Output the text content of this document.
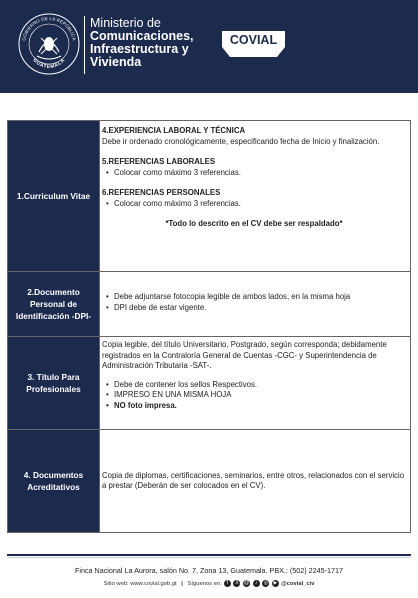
GOBIERNO DE LA REPÚBLICA
GUATEMALA
Ministerio de
Comunicaciones,
Infraestructura y
Vivienda
COVIAL
1.Curriculum Vitae
4.EXPERIENCIA LABORAL Y TÉCNICA
Debe ir ordenado cronológicamente, especificando fecha de Inicio y finalización.
5.REFERENCIAS LABORALES
• Colocar como máximo 3 referencias.
6.REFERENCIAS PERSONALES
• Colocar como máximo 3 referencias.
*Todo lo descrito en el CV debe ser respaldado*
2.Documento Personal de Identificación -DPI-
• Debe adjuntarse fotocopia legible de ambos lados, en la misma hoja
• DPI debe de estar vigente.
3. Título Para Profesionales
Copia legible, del título Universitario, Postgrado, según corresponda; debidamente registrados en la Contraloría General de Cuentas -CGC- y Superintendencia de Administración Tributaria -SAT-.
• Debe de contener los sellos Respectivos.
• IMPRESO EN UNA MISMA HOJA
• NO foto impresa.
4. Documentos Acreditativos
Copia de diplomas, certificaciones, seminarios, entre otros, relacionados con el servicio a prestar (Deberán de ser colocados en el CV).
Finca Nacional La Aurora, salón No. 7, Zona 13, Guatemala. PBX.: (502) 2245-1717
Sitio web: www.covial.gob.gt | Síguenos en: f X @ ♪ ◎ ▶ @covial_civ
